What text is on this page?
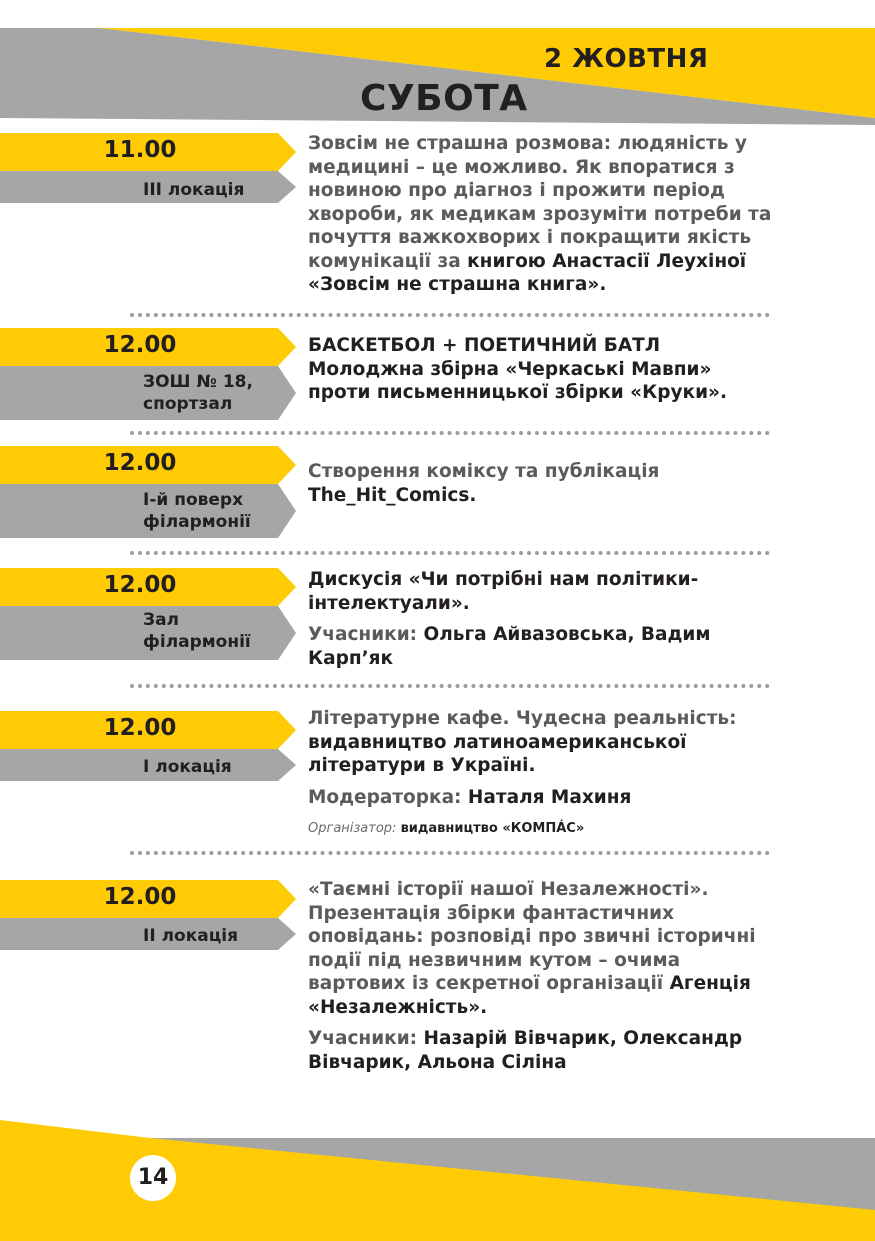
2 ЖОВТНЯ
СУБОТА
11.00
ІІІ локація

Зовсім не страшна розмова: людяність у медицині – це можливо. Як впоратися з новиною про діагноз і прожити період хвороби, як медикам зрозуміти потреби та почуття важкохворих і покращити якість комунікації за книгою Анастасії Леухіної «Зовсім не страшна книга».

12.00
ЗОШ № 18,
спортзал

БАСКЕТБОЛ + ПОЕТИЧНИЙ БАТЛ

Молоджна збірна «Черкаські Мавпи» проти письменницької збірки «Круки».

12.00
І-й поверх
філармонії

Створення коміксу та публікація The_Hit_Comics.

12.00
Зал
філармонії

Дискусія «Чи потрібні нам політики-інтелектуали».

Учасники: Ольга Айвазовська, Вадим Карп’як

12.00
І локація

Літературне кафе. Чудесна реальність: видавництво латиноамериканської літератури в Україні.

Модераторка: Наталя Махиня

Організатор: видавництво «КОМПÁС»

12.00
ІІ локація

«Таємні історії нашої Незалежності». Презентація збірки фантастичних оповідань: розповіді про звичні історичні події під незвичним кутом – очима вартових із секретної організації Агенція «Незалежність».

Учасники: Назарій Вівчарик, Олександр Вівчарик, Альона Сіліна

14
